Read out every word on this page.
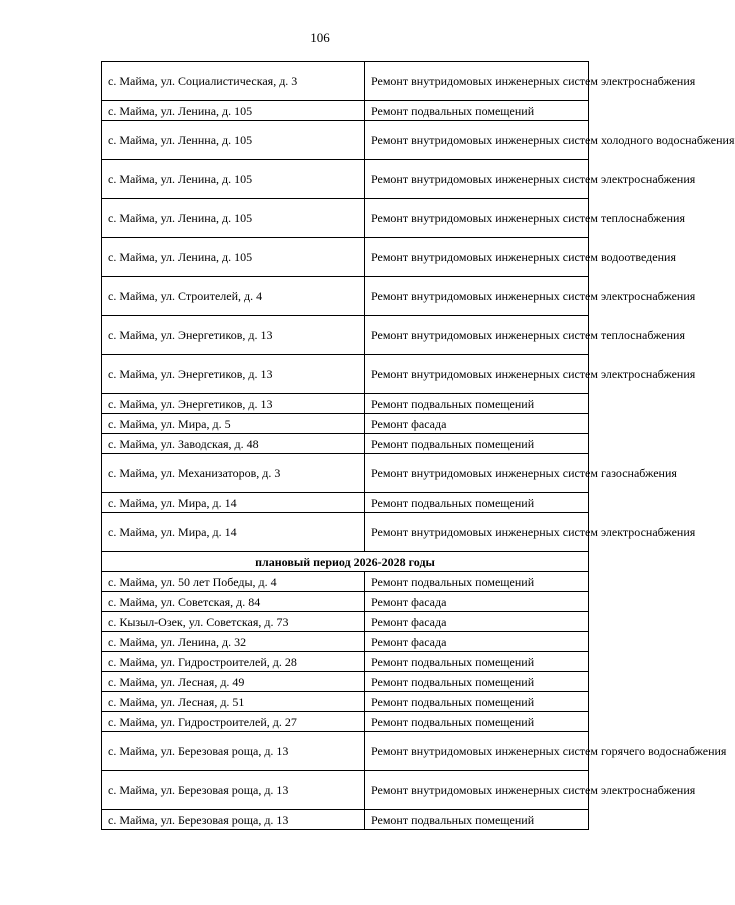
106
с. Майма, ул. Социалистическая, д. 3	Ремонт внутридомовых инженерных систем электроснабжения
с. Майма, ул. Ленина, д. 105	Ремонт подвальных помещений
с. Майма, ул. Леннна, д. 105	Ремонт внутридомовых инженерных систем холодного водоснабжения
с. Майма, ул. Ленина, д. 105	Ремонт внутридомовых инженерных систем электроснабжения
с. Майма, ул. Ленина, д. 105	Ремонт внутридомовых инженерных систем теплоснабжения
с. Майма, ул. Ленина, д. 105	Ремонт внутридомовых инженерных систем водоотведения
с. Майма, ул. Строителей, д. 4	Ремонт внутридомовых инженерных систем электроснабжения
с. Майма, ул. Энергетиков, д. 13	Ремонт внутридомовых инженерных систем теплоснабжения
с. Майма, ул. Энергетиков, д. 13	Ремонт внутридомовых инженерных систем электроснабжения
с. Майма, ул. Энергетиков, д. 13	Ремонт подвальных помещений
с. Майма, ул. Мира, д. 5	Ремонт фасада
с. Майма, ул. Заводская, д. 48	Ремонт подвальных помещений
с. Майма, ул. Механизаторов, д. 3	Ремонт внутридомовых инженерных систем газоснабжения
с. Майма, ул. Мира, д. 14	Ремонт подвальных помещений
с. Майма, ул. Мира, д. 14	Ремонт внутридомовых инженерных систем электроснабжения
плановый период 2026-2028 годы	
с. Майма, ул. 50 лет Победы, д. 4	Ремонт подвальных помещений
с. Майма, ул. Советская, д. 84	Ремонт фасада
с. Кызыл-Озек, ул. Советская, д. 73	Ремонт фасада
с. Майма, ул. Ленина, д. 32	Ремонт фасада
с. Майма, ул. Гидростроителей, д. 28	Ремонт подвальных помещений
с. Майма, ул. Лесная, д. 49	Ремонт подвальных помещений
с. Майма, ул. Лесная, д. 51	Ремонт подвальных помещений
с. Майма, ул. Гидростроителей, д. 27	Ремонт подвальных помещений
с. Майма, ул. Березовая роща, д. 13	Ремонт внутридомовых инженерных систем горячего водоснабжения
с. Майма, ул. Березовая роща, д. 13	Ремонт внутридомовых инженерных систем электроснабжения
с. Майма, ул. Березовая роща, д. 13	Ремонт подвальных помещений
